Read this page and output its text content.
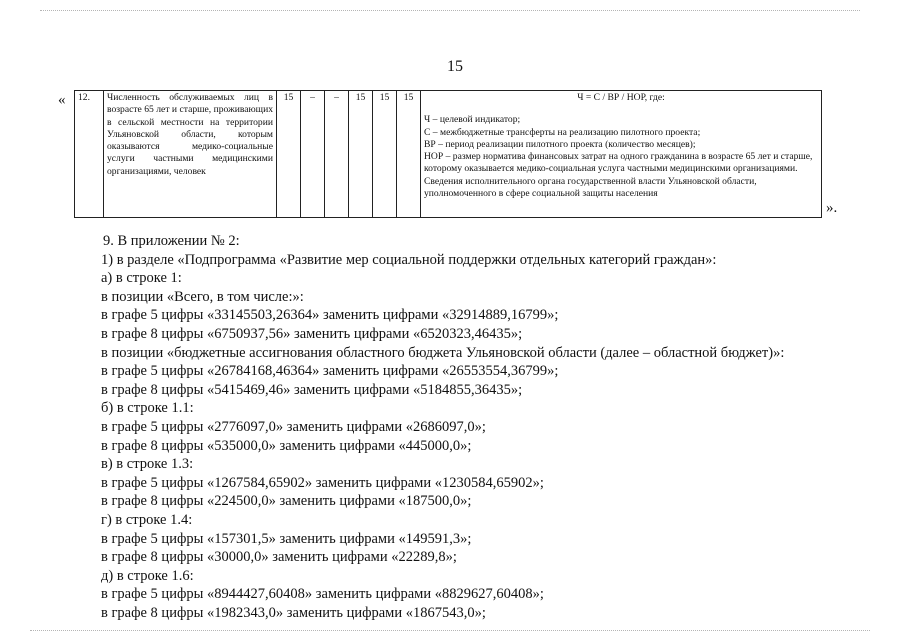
15
« 12.	Численность обслуживаемых лиц в возрасте 65 лет и старше, проживающих в сельской местности на территории Ульяновской области, которым оказываются медико-социальные услуги частными медицинскими организациями, человек	15	–	–	15	15	15	Ч = С / ВР / НОР, где:
Ч – целевой индикатор;
С – межбюджетные трансферты на реализацию пилотного проекта;
ВР – период реализации пилотного проекта (количество месяцев);
НОР – размер норматива финансовых затрат на одного гражданина в возрасте 65 лет и старше, которому оказывается медико-социальная услуга частными медицинскими организациями.
Сведения исполнительного органа государственной власти Ульяновской области, уполномоченного в сфере социальной защиты населения
».
9. В приложении № 2:
1) в разделе «Подпрограмма «Развитие мер социальной поддержки отдельных категорий граждан»:
а) в строке 1:
в позиции «Всего, в том числе:»:
в графе 5 цифры «33145503,26364» заменить цифрами «32914889,16799»;
в графе 8 цифры «6750937,56» заменить цифрами «6520323,46435»;
в позиции «бюджетные ассигнования областного бюджета Ульяновской области (далее – областной бюджет)»:
в графе 5 цифры «26784168,46364» заменить цифрами «26553554,36799»;
в графе 8 цифры «5415469,46» заменить цифрами «5184855,36435»;
б) в строке 1.1:
в графе 5 цифры «2776097,0» заменить цифрами «2686097,0»;
в графе 8 цифры «535000,0» заменить цифрами «445000,0»;
в) в строке 1.3:
в графе 5 цифры «1267584,65902» заменить цифрами «1230584,65902»;
в графе 8 цифры «224500,0» заменить цифрами «187500,0»;
г) в строке 1.4:
в графе 5 цифры «157301,5» заменить цифрами «149591,3»;
в графе 8 цифры «30000,0» заменить цифрами «22289,8»;
д) в строке 1.6:
в графе 5 цифры «8944427,60408» заменить цифрами «8829627,60408»;
в графе 8 цифры «1982343,0» заменить цифрами «1867543,0»;
